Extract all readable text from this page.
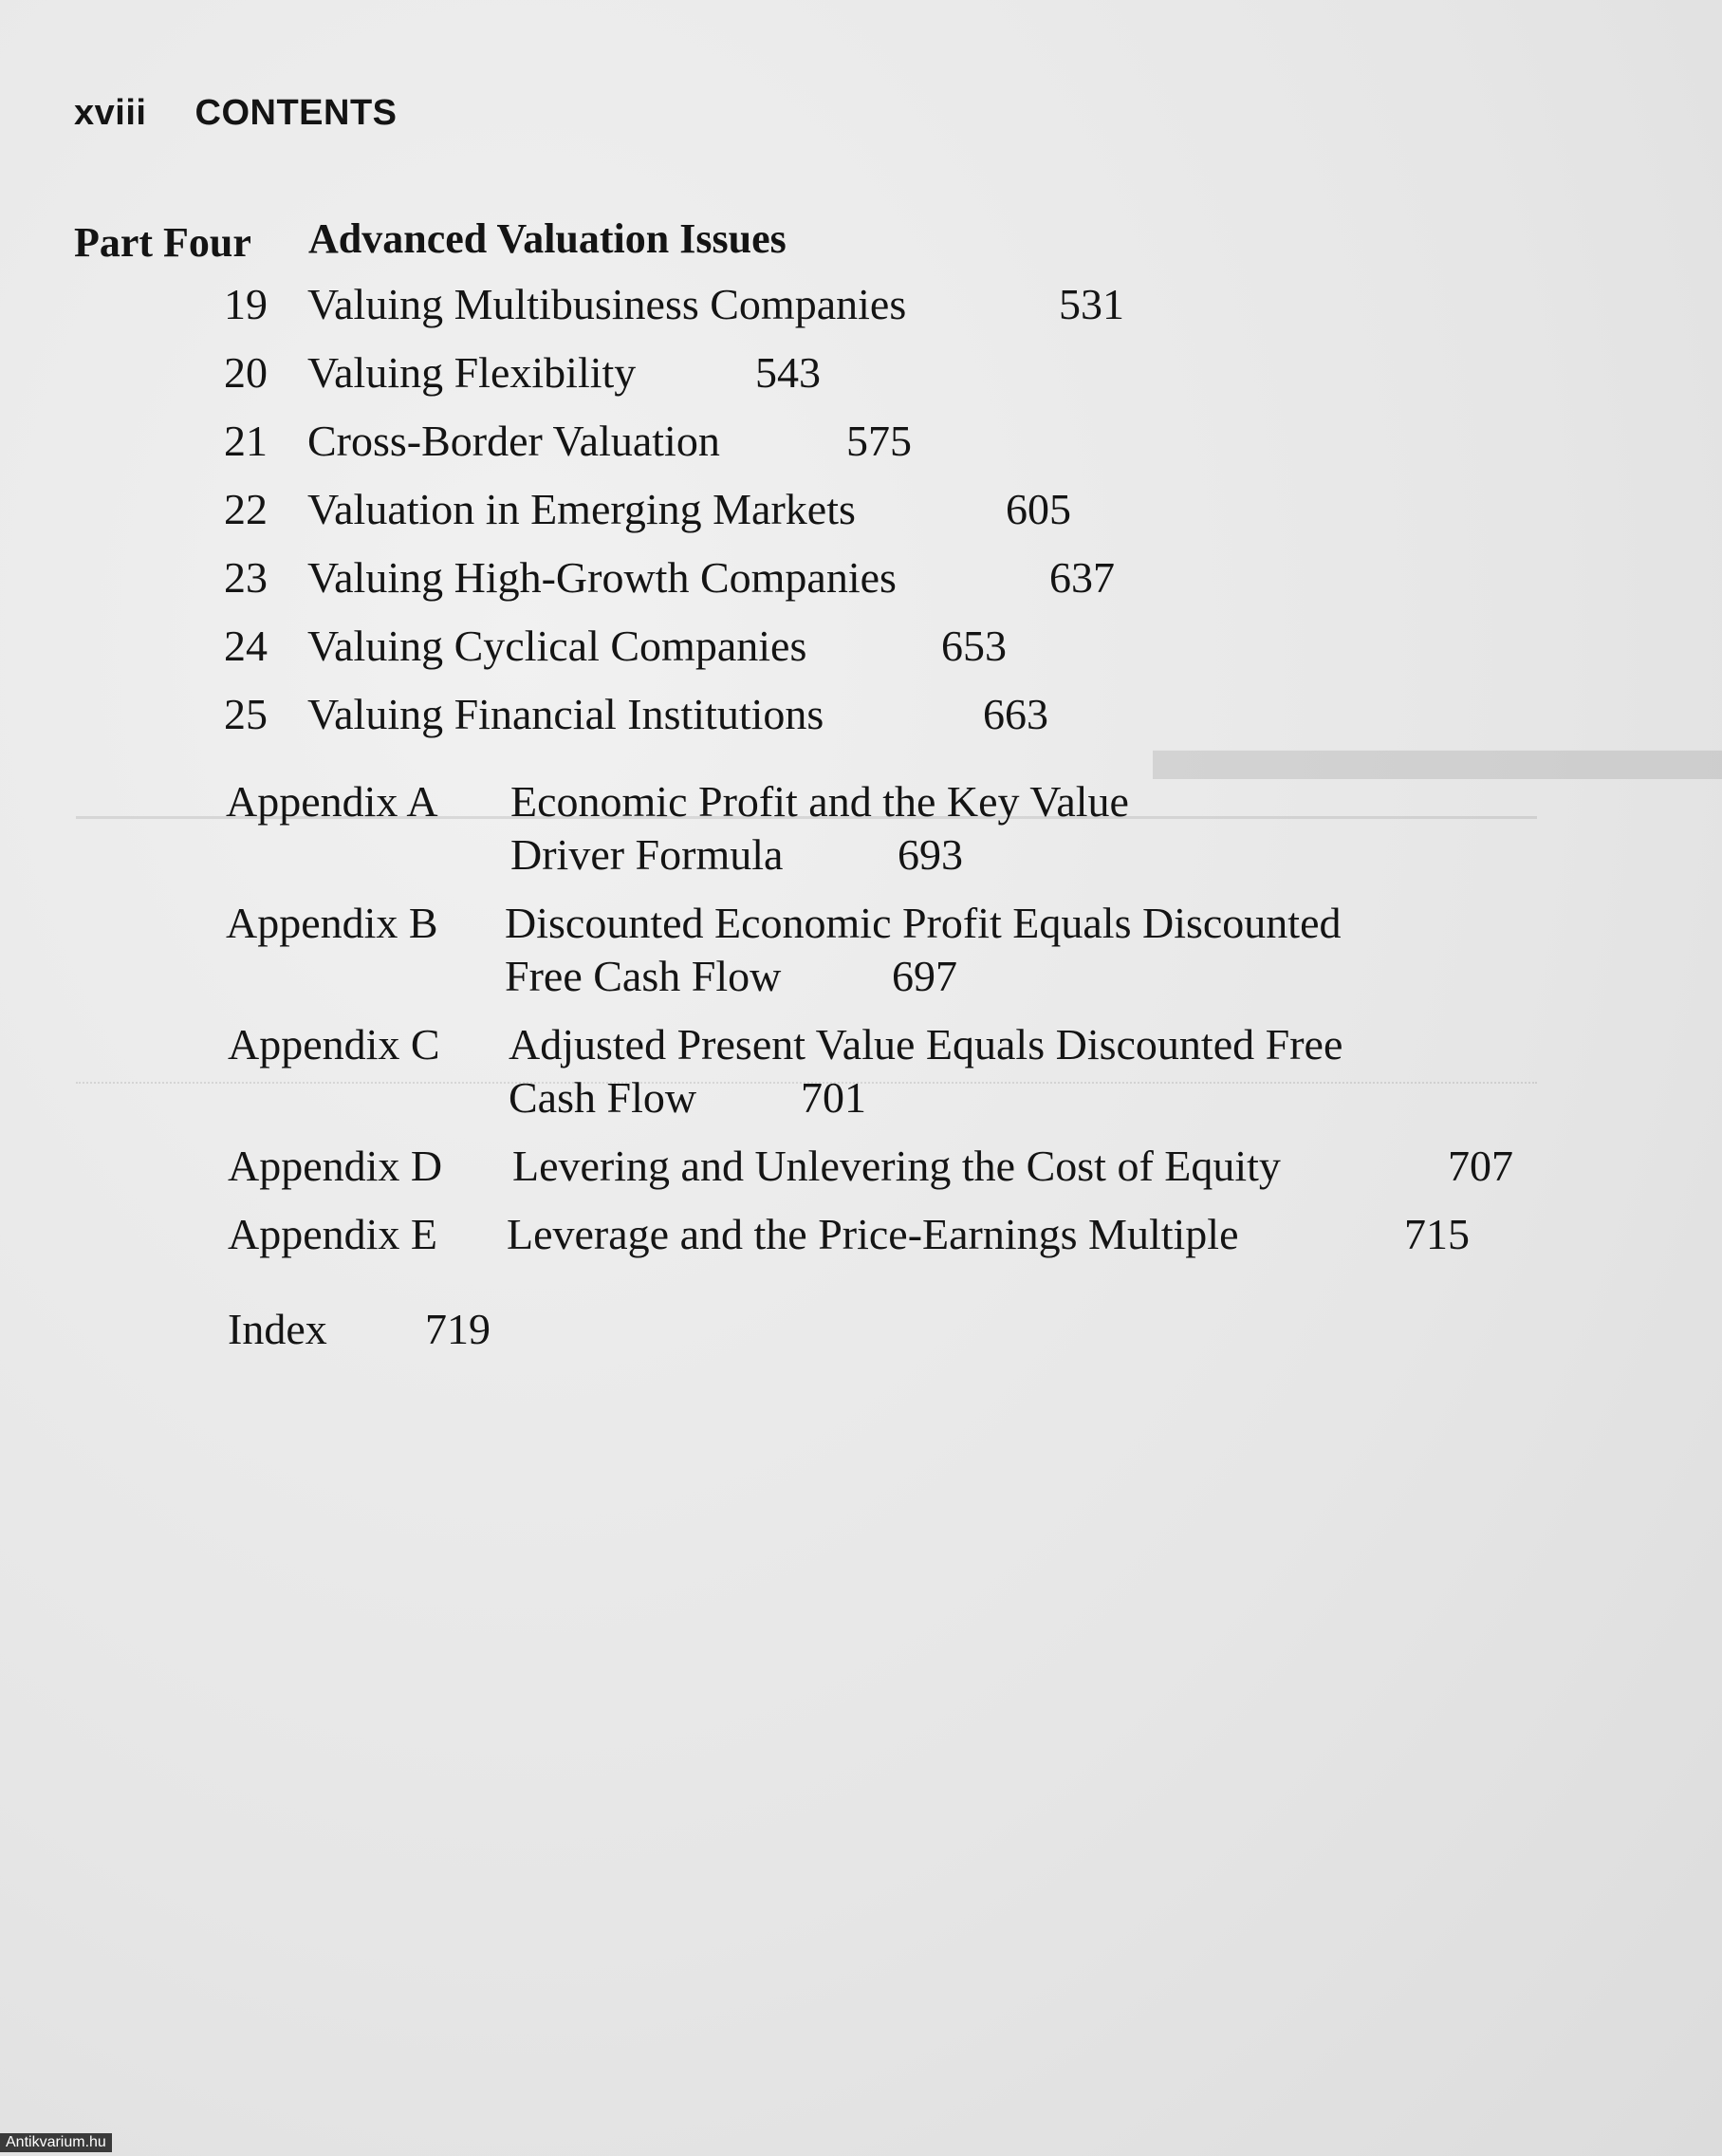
▬▬▬▬▬▬
xviii CONTENTS
Part Four Advanced Valuation Issues
19 Valuing Multibusiness Companies	531
20 Valuing Flexibility	543
21 Cross-Border Valuation	575
22 Valuation in Emerging Markets	605
23 Valuing High-Growth Companies	637
24 Valuing Cyclical Companies	653
25 Valuing Financial Institutions	663
Appendix A Economic Profit and the Key Value
Driver Formula	693
Appendix B Discounted Economic Profit Equals Discounted
Free Cash Flow	697
Appendix C Adjusted Present Value Equals Discounted Free
Cash Flow 701
Appendix D Levering and Unlevering the Cost of Equity	707
Appendix E Leverage and the Price-Earnings Multiple	715
Index 719
Antikvarium.hu
